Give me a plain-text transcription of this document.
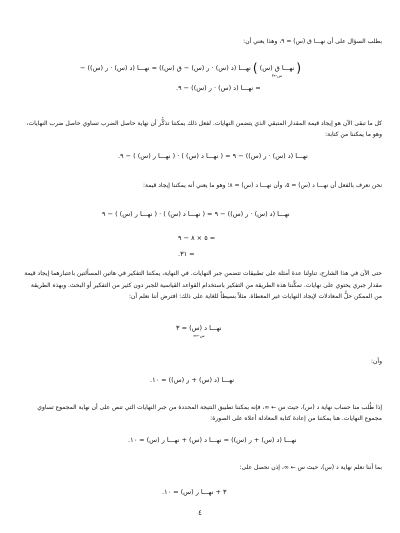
بطلب السؤال على أن نهـــا ق (س) = ٩، وهذا يعني أن:

( نهـــا ق (س)
س←٣
) نهـــا (د (س) · ر (س) − ق (س)) = نهـــا (د (س) · ر (س)) −
= نهـــا (د (س) · ر (س)) − ٩.

كل ما تبقى الآن هو إيجاد قيمة المقدار المتبقي الذي يتضمن النهايات. لفعل ذلك يمكننا تذكُّر أن نهاية حاصل الضرب تساوي حاصل ضرب النهايات، وهو ما يمكننا من كتابة:

نهـــا (د (س) · ر (س)) − ٩ = ( نهـــا د (س) ) · ( نهـــا ر (س) ) − ٩.

نحن نعرف بالفعل أن نهـــا د (س) = ٥، وأن نهـــا د (س) = ٨؛ وهو ما يعني أنه يمكننا إيجاد قيمة:

نهـــا (د (س) · ر (س)) − ٩ = ( نهـــا د (س) ) · ( نهـــا ر (س) ) − ٩
= ٥ × ٨ − ٩
= ٣١.

حتى الآن في هذا الشارح، تناولنا عدة أمثلة على تطبيقات تتضمن جبر النهايات. في النهاية، يمكننا التفكير في هاتين المسألتين باعتبارهما إيجاد قيمة مقدار جبري يحتوي على نهايات. تمكَّننا هذه الطريقة من التفكير باستخدام القواعد القياسية للجبر دون كثير من التفكير أو البحث. وبهذه الطريقة من الممكن حلُّ المعادلات لإيجاد النهايات غير المعطاة. مثلاً بسيطاً للغاية على ذلك: افترض أننا نعلم أن:

نهـــا د (س) = ٣
س←∞

وأن:

نهـــا (د (س) + ر (س)) = ١٠.

إذا طُلب منا حساب نهاية د (س)، حيث س ← ∞، فإنه يمكننا تطبيق النتيجة المحددة من جبر النهايات التي تنص على أن نهاية المجموع تساوي مجموع النهايات. هنا يمكننا من إعادة كتابة المعادلة أعلاه على الصورة:

نهـــا (د (س) + ر (س)) = نهـــا د (س) + نهـــا ر (س) = ١٠.

بما أننا نعلم نهاية د (س)، حيث س ← ∞، إذن نحصل على:

٣ + نهـــا ر (س) = ١٠.
٤
